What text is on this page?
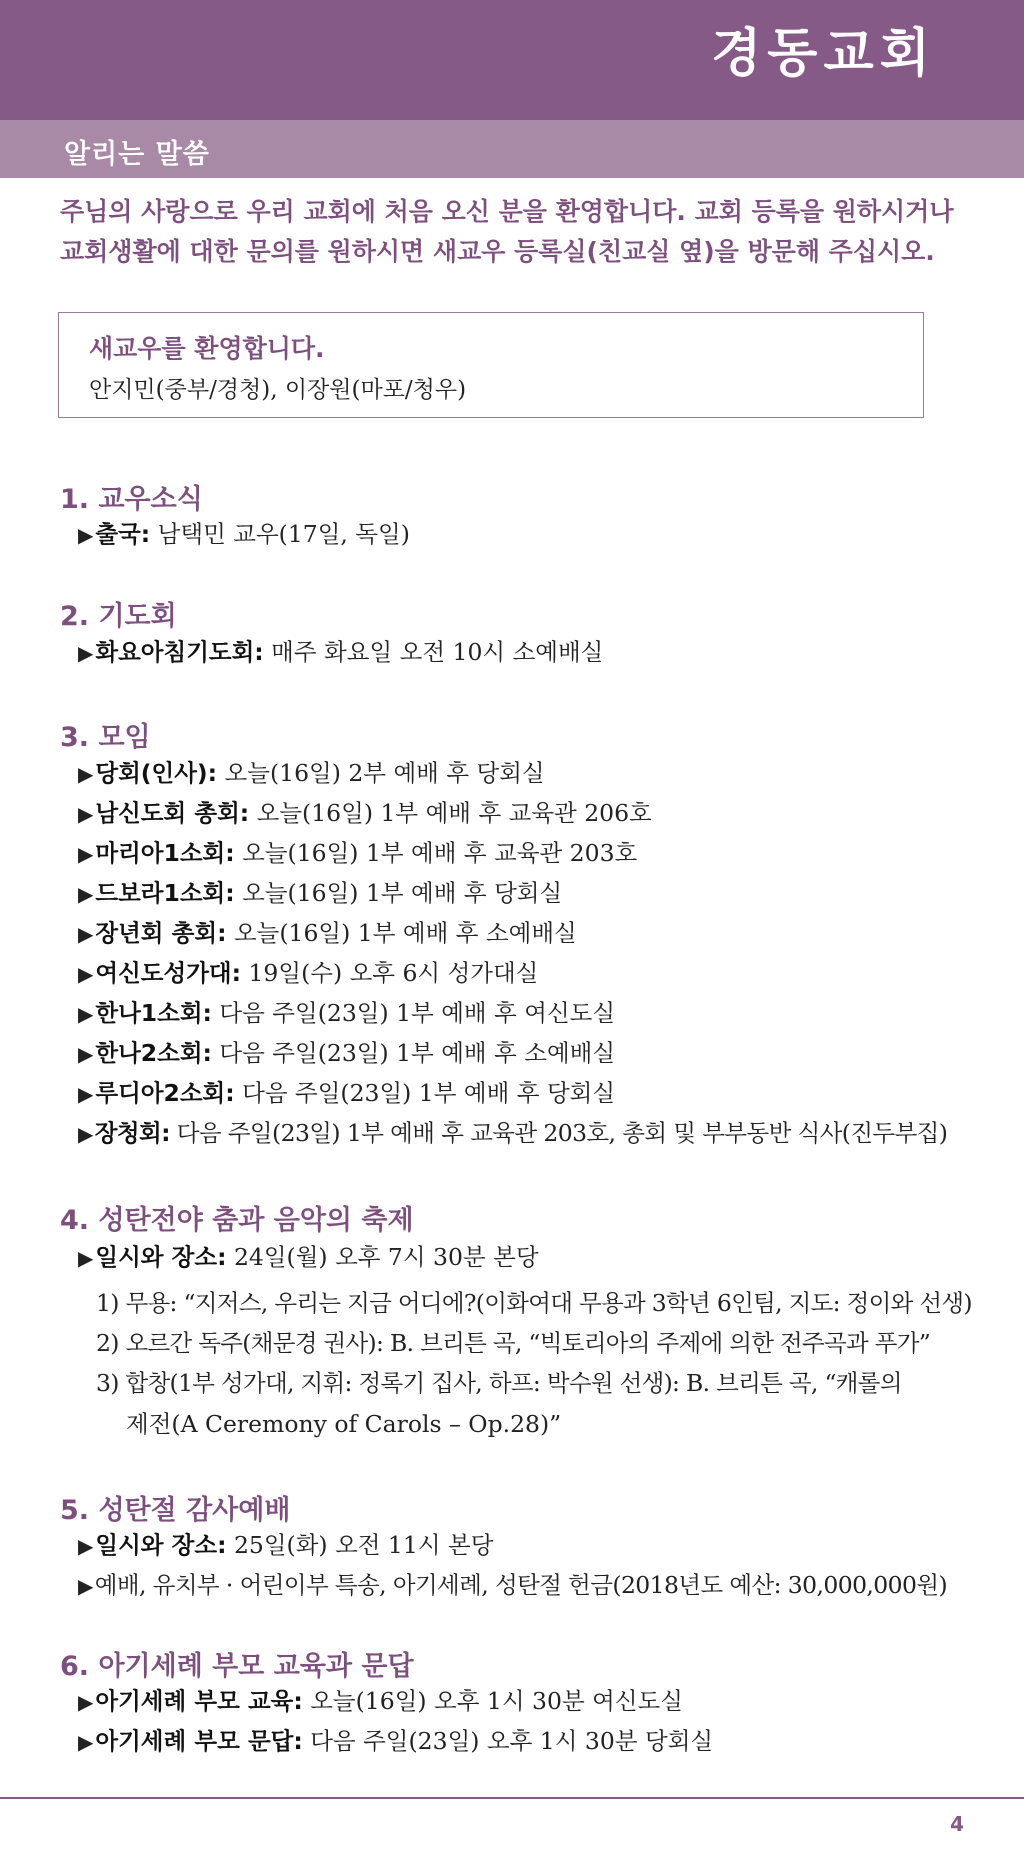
경동교회
알리는 말씀
주님의 사랑으로 우리 교회에 처음 오신 분을 환영합니다. 교회 등록을 원하시거나
교회생활에 대한 문의를 원하시면 새교우 등록실(친교실 옆)을 방문해 주십시오.
새교우를 환영합니다.
안지민(중부/경청), 이장원(마포/청우)
1. 교우소식
▶출국: 남택민 교우(17일, 독일)
2. 기도회
▶화요아침기도회: 매주 화요일 오전 10시 소예배실
3. 모임
▶당회(인사): 오늘(16일) 2부 예배 후 당회실
▶남신도회 총회: 오늘(16일) 1부 예배 후 교육관 206호
▶마리아1소회: 오늘(16일) 1부 예배 후 교육관 203호
▶드보라1소회: 오늘(16일) 1부 예배 후 당회실
▶장년회 총회: 오늘(16일) 1부 예배 후 소예배실
▶여신도성가대: 19일(수) 오후 6시 성가대실
▶한나1소회: 다음 주일(23일) 1부 예배 후 여신도실
▶한나2소회: 다음 주일(23일) 1부 예배 후 소예배실
▶루디아2소회: 다음 주일(23일) 1부 예배 후 당회실
▶장청회: 다음 주일(23일) 1부 예배 후 교육관 203호, 총회 및 부부동반 식사(진두부집)
4. 성탄전야 춤과 음악의 축제
▶일시와 장소: 24일(월) 오후 7시 30분 본당
1) 무용: “지저스, 우리는 지금 어디에?(이화여대 무용과 3학년 6인팀, 지도: 정이와 선생)
2) 오르간 독주(채문경 권사): B. 브리튼 곡, “빅토리아의 주제에 의한 전주곡과 푸가”
3) 합창(1부 성가대, 지휘: 정록기 집사, 하프: 박수원 선생): B. 브리튼 곡, “캐롤의
제전(A Ceremony of Carols – Op.28)”
5. 성탄절 감사예배
▶일시와 장소: 25일(화) 오전 11시 본당
▶예배, 유치부 · 어린이부 특송, 아기세례, 성탄절 헌금(2018년도 예산: 30,000,000원)
6. 아기세례 부모 교육과 문답
▶아기세례 부모 교육: 오늘(16일) 오후 1시 30분 여신도실
▶아기세례 부모 문답: 다음 주일(23일) 오후 1시 30분 당회실
4
